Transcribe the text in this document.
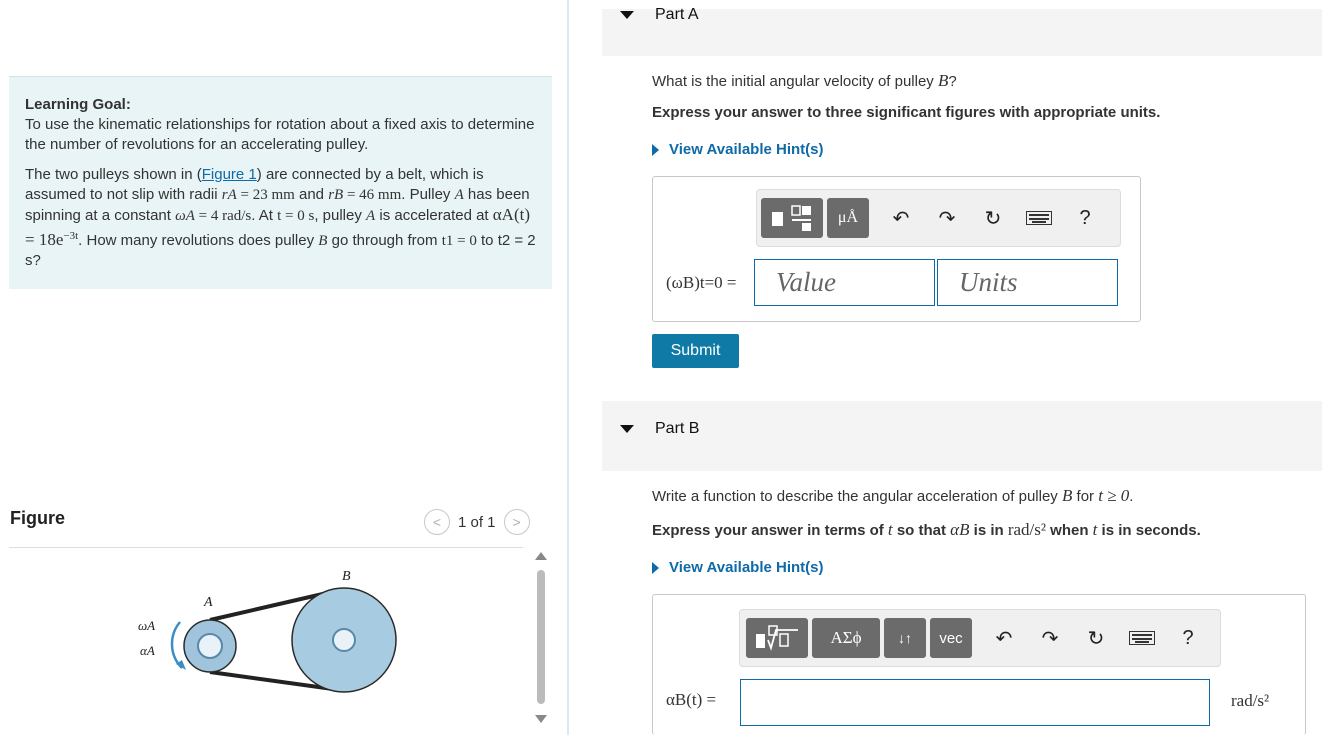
Learning Goal:
To use the kinematic relationships for rotation about a fixed axis to determine the number of revolutions for an accelerating pulley.

The two pulleys shown in (Figure 1) are connected by a belt, which is assumed to not slip with radii rA = 23 mm and rB = 46 mm. Pulley A has been spinning at a constant ωA = 4 rad/s. At t = 0 s, pulley A is accelerated at $\alpha A(t) = 18e^{-3t}$. How many revolutions does pulley B go through from t1 = 0 to t2 = 2 s?

Figure	< 1 of 1 >
A
B
ωA
αA
Part A
What is the initial angular velocity of pulley B?
Express your answer to three significant figures with appropriate units.
View Available Hint(s)
μÅ	↶	↷	↻	?
(ωB)t=0 =	Value	Units
Submit
Part B
Write a function to describe the angular acceleration of pulley B for t ≥ 0.
Express your answer in terms of t so that αB is in rad/s² when t is in seconds.
View Available Hint(s)
ΑΣϕ	↓↑	vec	↶	↷	↻	?
αB(t) =	rad/s²
